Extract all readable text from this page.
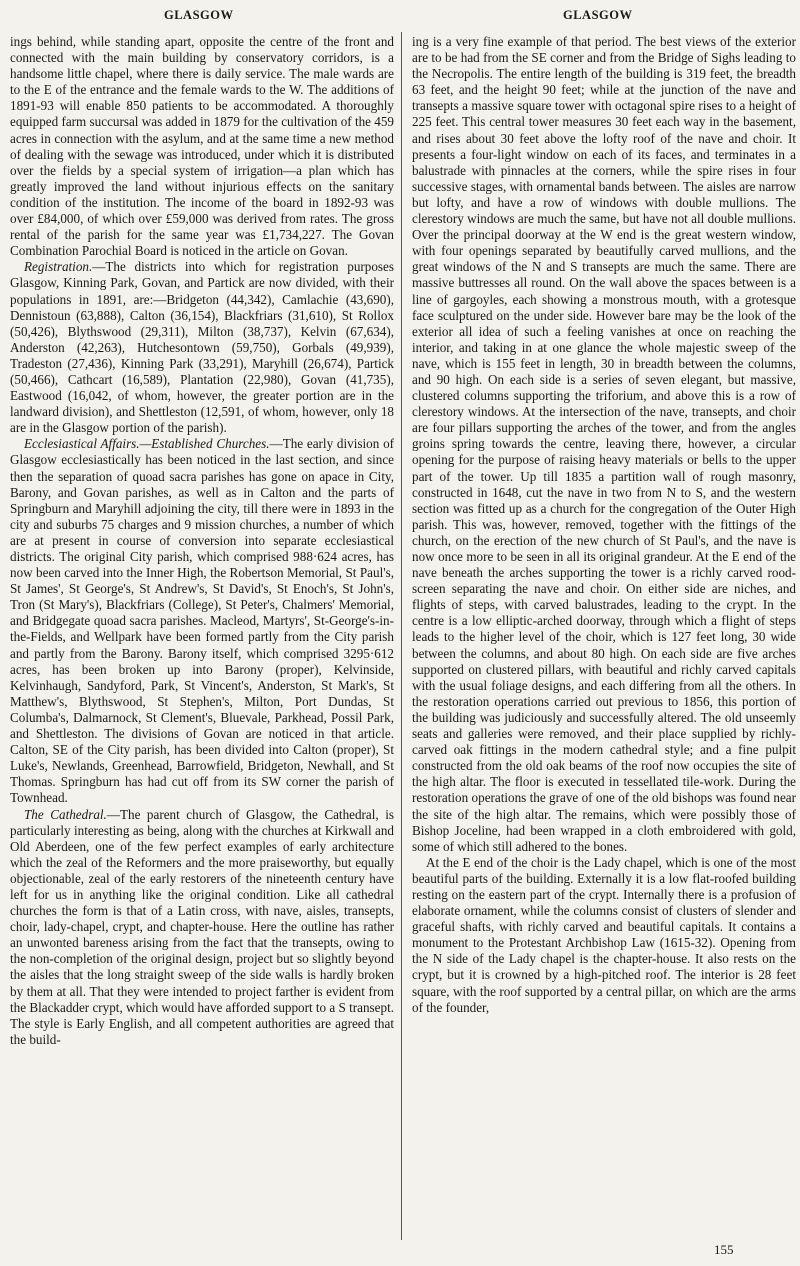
GLASGOW	GLASGOW

ings behind, while standing apart, opposite the centre of the front and connected with the main building by conservatory corridors, is a handsome little chapel, where there is daily service. The male wards are to the E of the entrance and the female wards to the W. The additions of 1891-93 will enable 850 patients to be accommodated. A thoroughly equipped farm succursal was added in 1879 for the cultivation of the 459 acres in connection with the asylum, and at the same time a new method of dealing with the sewage was introduced, under which it is distributed over the fields by a special system of irrigation—a plan which has greatly improved the land without injurious effects on the sanitary condition of the institution. The income of the board in 1892-93 was over £84,000, of which over £59,000 was derived from rates. The gross rental of the parish for the same year was £1,734,227. The Govan Combination Parochial Board is noticed in the article on Govan.

Registration.—The districts into which for registration purposes Glasgow, Kinning Park, Govan, and Partick are now divided, with their populations in 1891, are:—Bridgeton (44,342), Camlachie (43,690), Dennistoun (63,888), Calton (36,154), Blackfriars (31,610), St Rollox (50,426), Blythswood (29,311), Milton (38,737), Kelvin (67,634), Anderston (42,263), Hutchesontown (59,750), Gorbals (49,939), Tradeston (27,436), Kinning Park (33,291), Maryhill (26,674), Partick (50,466), Cathcart (16,589), Plantation (22,980), Govan (41,735), Eastwood (16,042, of whom, however, the greater portion are in the landward division), and Shettleston (12,591, of whom, however, only 18 are in the Glasgow portion of the parish).

Ecclesiastical Affairs.—Established Churches.—The early division of Glasgow ecclesiastically has been noticed in the last section, and since then the separation of quoad sacra parishes has gone on apace in City, Barony, and Govan parishes, as well as in Calton and the parts of Springburn and Maryhill adjoining the city, till there were in 1893 in the city and suburbs 75 charges and 9 mission churches, a number of which are at present in course of conversion into separate ecclesiastical districts. The original City parish, which comprised 988·624 acres, has now been carved into the Inner High, the Robertson Memorial, St Paul's, St James', St George's, St Andrew's, St David's, St Enoch's, St John's, Tron (St Mary's), Blackfriars (College), St Peter's, Chalmers' Memorial, and Bridgegate quoad sacra parishes. Macleod, Martyrs', St-George's-in-the-Fields, and Wellpark have been formed partly from the City parish and partly from the Barony. Barony itself, which comprised 3295·612 acres, has been broken up into Barony (proper), Kelvinside, Kelvinhaugh, Sandyford, Park, St Vincent's, Anderston, St Mark's, St Matthew's, Blythswood, St Stephen's, Milton, Port Dundas, St Columba's, Dalmarnock, St Clement's, Bluevale, Parkhead, Possil Park, and Shettleston. The divisions of Govan are noticed in that article. Calton, SE of the City parish, has been divided into Calton (proper), St Luke's, Newlands, Greenhead, Barrowfield, Bridgeton, Newhall, and St Thomas. Springburn has had cut off from its SW corner the parish of Townhead.

The Cathedral.—The parent church of Glasgow, the Cathedral, is particularly interesting as being, along with the churches at Kirkwall and Old Aberdeen, one of the few perfect examples of early architecture which the zeal of the Reformers and the more praiseworthy, but equally objectionable, zeal of the early restorers of the nineteenth century have left for us in anything like the original condition. Like all cathedral churches the form is that of a Latin cross, with nave, aisles, transepts, choir, lady-chapel, crypt, and chapter-house. Here the outline has rather an unwonted bareness arising from the fact that the transepts, owing to the non-completion of the original design, project but so slightly beyond the aisles that the long straight sweep of the side walls is hardly broken by them at all. That they were intended to project farther is evident from the Blackadder crypt, which would have afforded support to a S transept. The style is Early English, and all competent authorities are agreed that the build-

ing is a very fine example of that period. The best views of the exterior are to be had from the SE corner and from the Bridge of Sighs leading to the Necropolis. The entire length of the building is 319 feet, the breadth 63 feet, and the height 90 feet; while at the junction of the nave and transepts a massive square tower with octagonal spire rises to a height of 225 feet. This central tower measures 30 feet each way in the basement, and rises about 30 feet above the lofty roof of the nave and choir. It presents a four-light window on each of its faces, and terminates in a balustrade with pinnacles at the corners, while the spire rises in four successive stages, with ornamental bands between. The aisles are narrow but lofty, and have a row of windows with double mullions. The clerestory windows are much the same, but have not all double mullions. Over the principal doorway at the W end is the great western window, with four openings separated by beautifully carved mullions, and the great windows of the N and S transepts are much the same. There are massive buttresses all round. On the wall above the spaces between is a line of gargoyles, each showing a monstrous mouth, with a grotesque face sculptured on the under side. However bare may be the look of the exterior all idea of such a feeling vanishes at once on reaching the interior, and taking in at one glance the whole majestic sweep of the nave, which is 155 feet in length, 30 in breadth between the columns, and 90 high. On each side is a series of seven elegant, but massive, clustered columns supporting the triforium, and above this is a row of clerestory windows. At the intersection of the nave, transepts, and choir are four pillars supporting the arches of the tower, and from the angles groins spring towards the centre, leaving there, however, a circular opening for the purpose of raising heavy materials or bells to the upper part of the tower. Up till 1835 a partition wall of rough masonry, constructed in 1648, cut the nave in two from N to S, and the western section was fitted up as a church for the congregation of the Outer High parish. This was, however, removed, together with the fittings of the church, on the erection of the new church of St Paul's, and the nave is now once more to be seen in all its original grandeur. At the E end of the nave beneath the arches supporting the tower is a richly carved rood-screen separating the nave and choir. On either side are niches, and flights of steps, with carved balustrades, leading to the crypt. In the centre is a low elliptic-arched doorway, through which a flight of steps leads to the higher level of the choir, which is 127 feet long, 30 wide between the columns, and about 80 high. On each side are five arches supported on clustered pillars, with beautiful and richly carved capitals with the usual foliage designs, and each differing from all the others. In the restoration operations carried out previous to 1856, this portion of the building was judiciously and successfully altered. The old unseemly seats and galleries were removed, and their place supplied by richly-carved oak fittings in the modern cathedral style; and a fine pulpit constructed from the old oak beams of the roof now occupies the site of the high altar. The floor is executed in tessellated tile-work. During the restoration operations the grave of one of the old bishops was found near the site of the high altar. The remains, which were possibly those of Bishop Joceline, had been wrapped in a cloth embroidered with gold, some of which still adhered to the bones.

At the E end of the choir is the Lady chapel, which is one of the most beautiful parts of the building. Externally it is a low flat-roofed building resting on the eastern part of the crypt. Internally there is a profusion of elaborate ornament, while the columns consist of clusters of slender and graceful shafts, with richly carved and beautiful capitals. It contains a monument to the Protestant Archbishop Law (1615-32). Opening from the N side of the Lady chapel is the chapter-house. It also rests on the crypt, but it is crowned by a high-pitched roof. The interior is 28 feet square, with the roof supported by a central pillar, on which are the arms of the founder,

155
